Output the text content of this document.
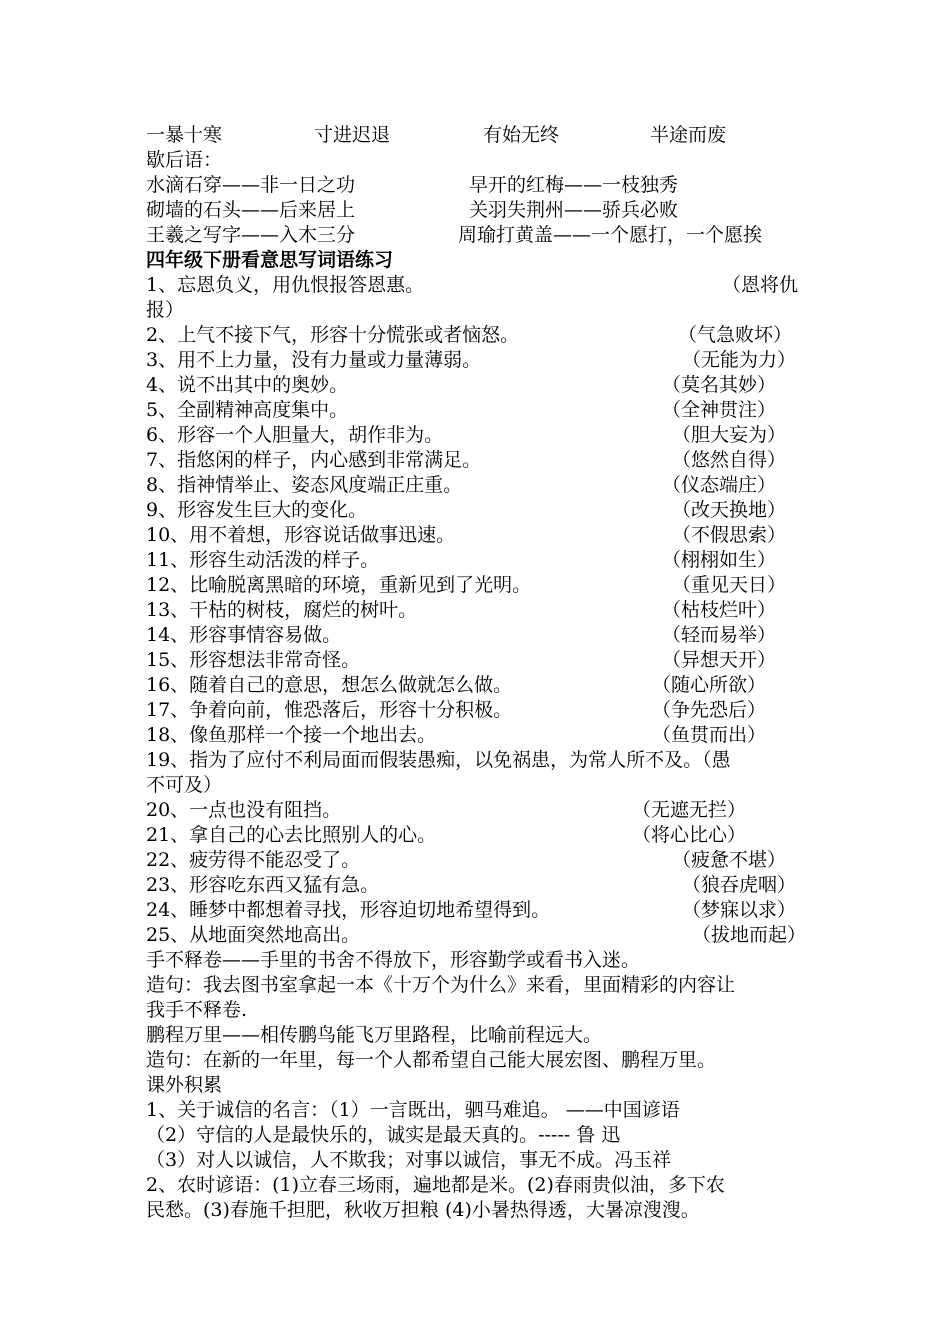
一暴十寒	寸进迟退	有始无终	半途而废
歇后语：
水滴石穿——非一日之功	早开的红梅——一枝独秀
砌墙的石头——后来居上	关羽失荆州——骄兵必败
王羲之写字——入木三分	周瑜打黄盖——一个愿打，一个愿挨
四年级下册看意思写词语练习
1、忘恩负义，用仇恨报答恩惠。	（恩将仇
报）
2、上气不接下气，形容十分慌张或者恼怒。	（气急败坏）
3、用不上力量，没有力量或力量薄弱。	（无能为力）
4、说不出其中的奥妙。	（莫名其妙）
5、全副精神高度集中。	（全神贯注）
6、形容一个人胆量大，胡作非为。	（胆大妄为）
7、指悠闲的样子，内心感到非常满足。	（悠然自得）
8、指神情举止、姿态风度端正庄重。	（仪态端庄）
9、形容发生巨大的变化。	（改天换地）
10、用不着想，形容说话做事迅速。	（不假思索）
11、形容生动活泼的样子。	（栩栩如生）
12、比喻脱离黑暗的环境，重新见到了光明。	（重见天日）
13、干枯的树枝，腐烂的树叶。	（枯枝烂叶）
14、形容事情容易做。	（轻而易举）
15、形容想法非常奇怪。	（异想天开）
16、随着自己的意思，想怎么做就怎么做。	（随心所欲）
17、争着向前，惟恐落后，形容十分积极。	（争先恐后）
18、像鱼那样一个接一个地出去。	（鱼贯而出）
19、指为了应付不利局面而假装愚痴，以免祸患，为常人所不及。（愚
不可及）
20、一点也没有阻挡。	（无遮无拦）
21、拿自己的心去比照别人的心。	（将心比心）
22、疲劳得不能忍受了。	（疲惫不堪）
23、形容吃东西又猛有急。	（狼吞虎咽）
24、睡梦中都想着寻找，形容迫切地希望得到。	（梦寐以求）
25、从地面突然地高出。	（拔地而起）
手不释卷——手里的书舍不得放下，形容勤学或看书入迷。
造句：我去图书室拿起一本《十万个为什么》来看，里面精彩的内容让
我手不释卷.
鹏程万里——相传鹏鸟能飞万里路程，比喻前程远大。
造句：在新的一年里，每一个人都希望自己能大展宏图、鹏程万里。
课外积累
1、关于诚信的名言：（1）一言既出，驷马难追。 ——中国谚语
（2）守信的人是最快乐的，诚实是最天真的。----- 鲁 迅
（3）对人以诚信，人不欺我；对事以诚信，事无不成。冯玉祥
2、农时谚语：(1)立春三场雨，遍地都是米。(2)春雨贵似油，多下农
民愁。(3)春施千担肥，秋收万担粮 (4)小暑热得透，大暑凉溲溲。
